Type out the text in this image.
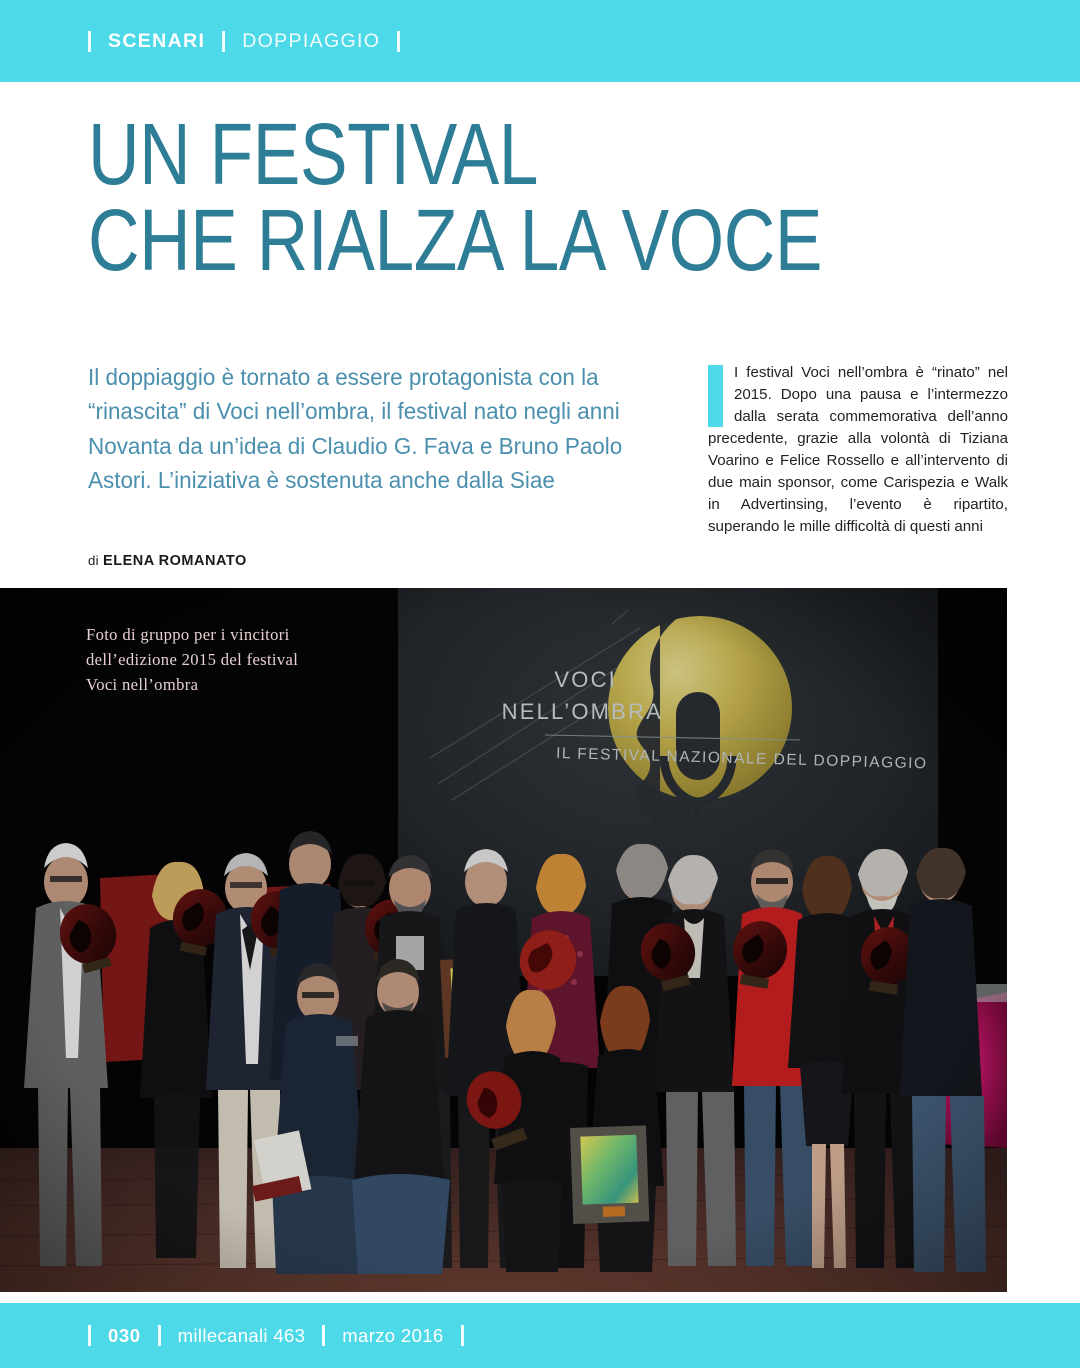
SCENARI DOPPIAGGIO
UN FESTIVAL
CHE RIALZA LA VOCE

Il doppiaggio è tornato a essere protagonista con la “rinascita” di Voci nell’ombra, il festival nato negli anni Novanta da un’idea di Claudio G. Fava e Bruno Paolo Astori. L’iniziativa è sostenuta anche dalla Siae

di ELENA ROMANATO
I festival Voci nell’ombra è “rinato” nel 2015. Dopo una pausa e l’intermezzo dalla serata commemorativa dell’anno precedente, grazie alla volontà di Tiziana Voarino e Felice Rossello e all’intervento di due main sponsor, come Carispezia e Walk in Advertinsing, l’evento è ripartito, superando le mille difficoltà di questi anni
Foto di gruppo per i vincitori
dell’edizione 2015 del festival
Voci nell’ombra
030 millecanali 463 marzo 2016
